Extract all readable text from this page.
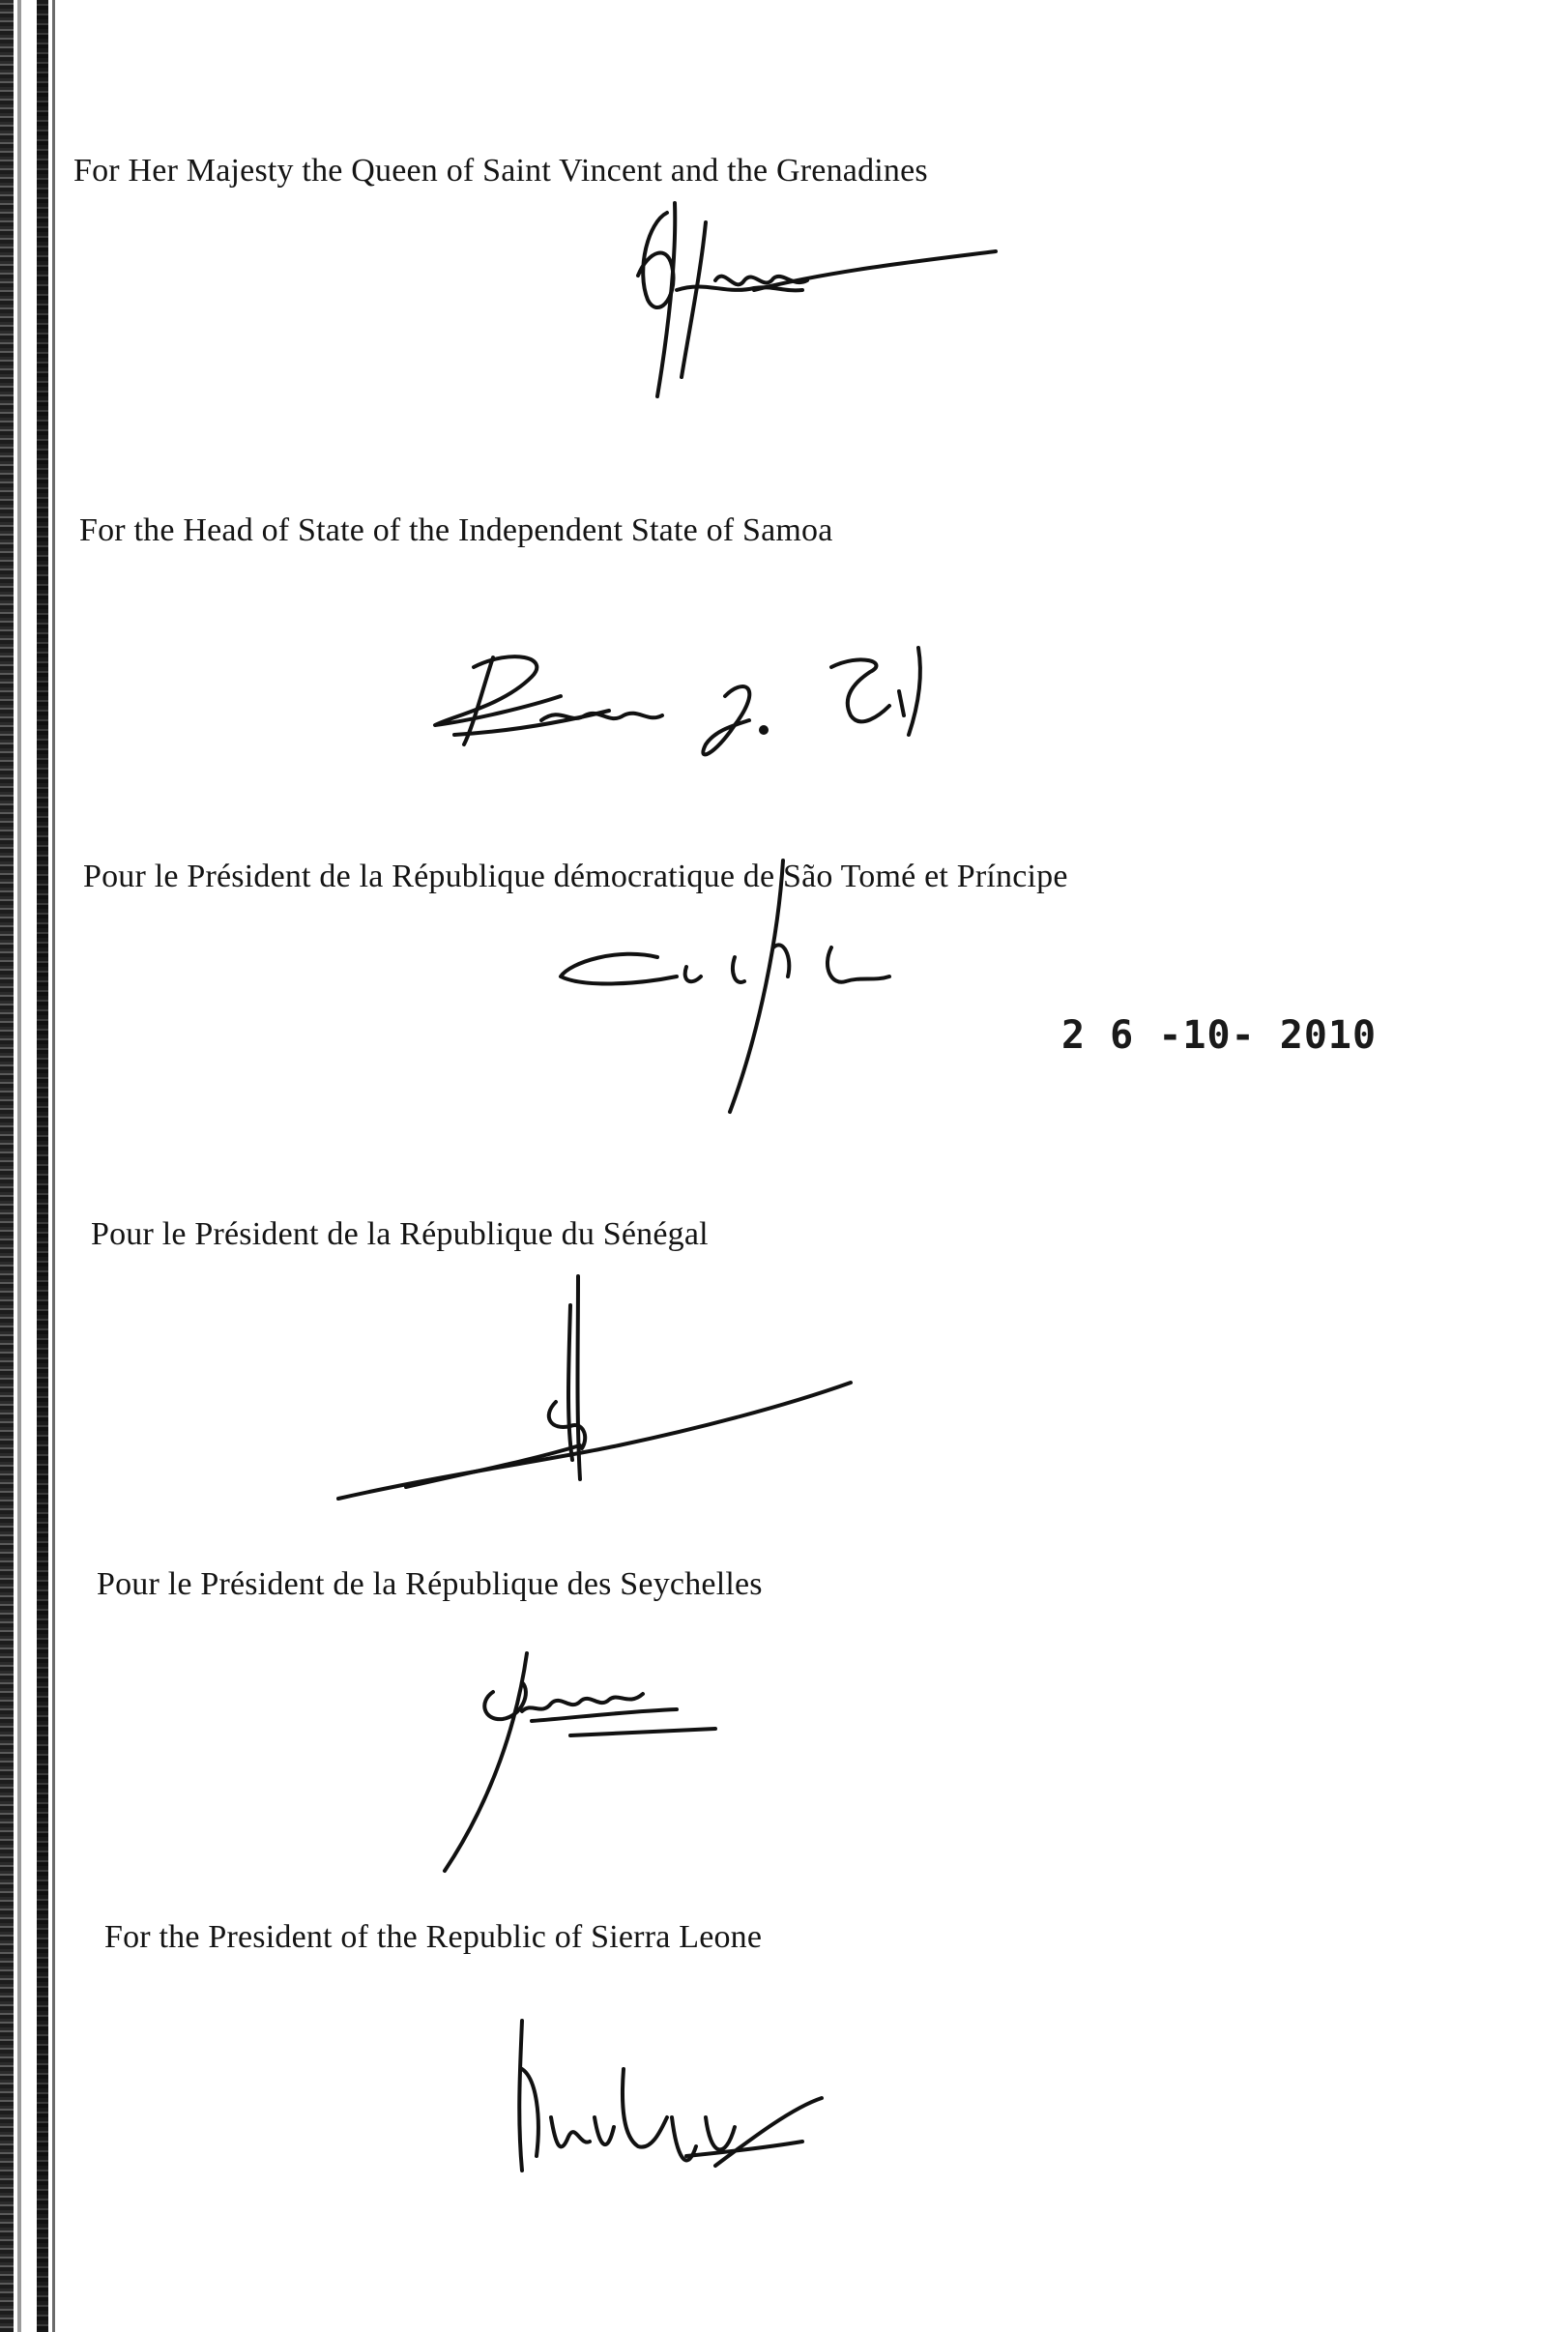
For Her Majesty the Queen of Saint Vincent and the Grenadines
For the Head of State of the Independent State of Samoa
Pour le Président de la République démocratique de São Tomé et Príncipe
2 6 -10- 2010
Pour le Président de la République du Sénégal
Pour le Président de la République des Seychelles
For the President of the Republic of Sierra Leone
